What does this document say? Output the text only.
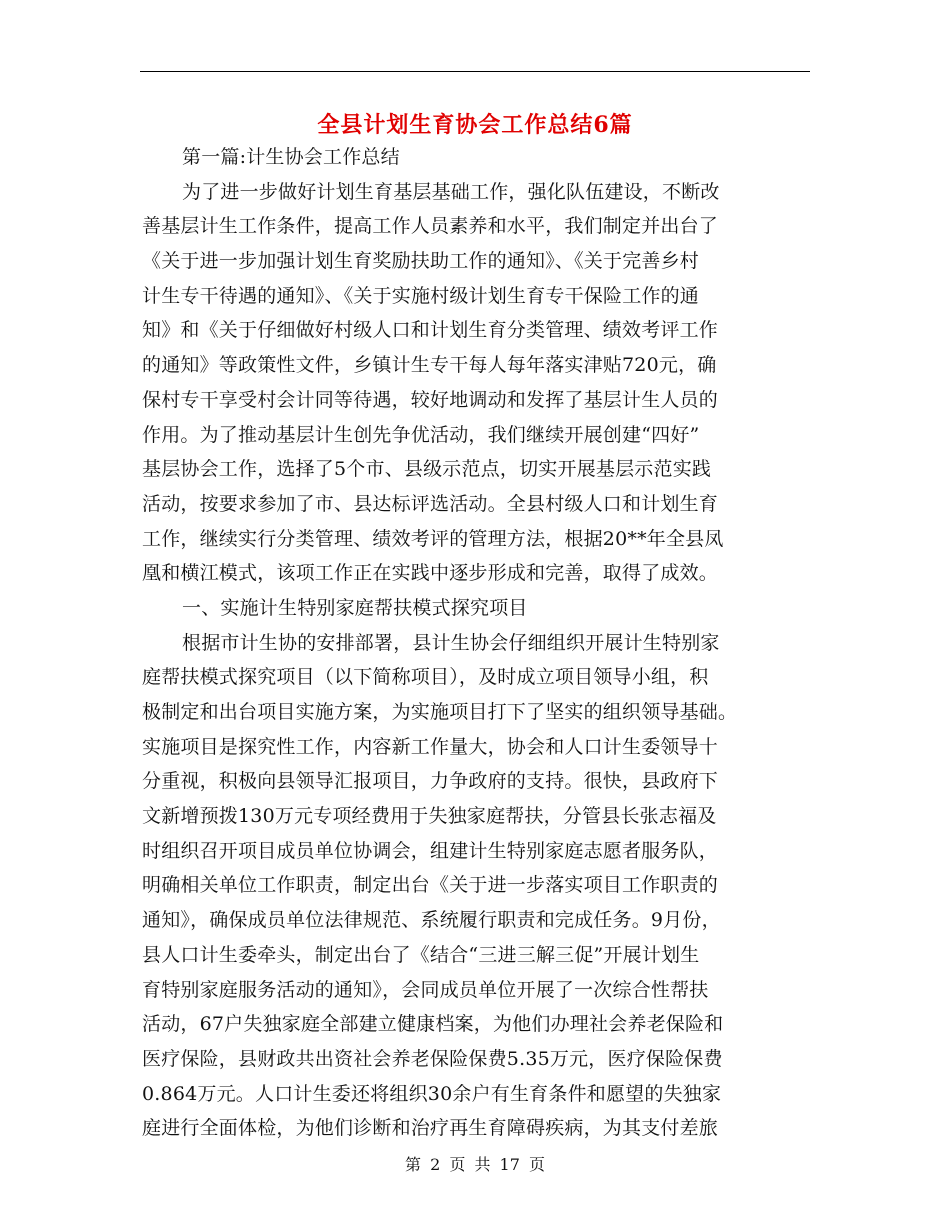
全县计划生育协会工作总结6篇
第一篇:计生协会工作总结
为了进一步做好计划生育基层基础工作，强化队伍建设，不断改
善基层计生工作条件，提高工作人员素养和水平，我们制定并出台了
《关于进一步加强计划生育奖励扶助工作的通知》、《关于完善乡村
计生专干待遇的通知》、《关于实施村级计划生育专干保险工作的通
知》和《关于仔细做好村级人口和计划生育分类管理、绩效考评工作
的通知》等政策性文件，乡镇计生专干每人每年落实津贴720元，确
保村专干享受村会计同等待遇，较好地调动和发挥了基层计生人员的
作用。为了推动基层计生创先争优活动，我们继续开展创建“四好”
基层协会工作，选择了5个市、县级示范点，切实开展基层示范实践
活动，按要求参加了市、县达标评选活动。全县村级人口和计划生育
工作，继续实行分类管理、绩效考评的管理方法，根据20**年全县凤
凰和横江模式，该项工作正在实践中逐步形成和完善，取得了成效。
一、实施计生特别家庭帮扶模式探究项目
根据市计生协的安排部署，县计生协会仔细组织开展计生特别家
庭帮扶模式探究项目（以下简称项目），及时成立项目领导小组，积
极制定和出台项目实施方案，为实施项目打下了坚实的组织领导基础。
实施项目是探究性工作，内容新工作量大，协会和人口计生委领导十
分重视，积极向县领导汇报项目，力争政府的支持。很快，县政府下
文新增预拨130万元专项经费用于失独家庭帮扶，分管县长张志福及
时组织召开项目成员单位协调会，组建计生特别家庭志愿者服务队，
明确相关单位工作职责，制定出台《关于进一步落实项目工作职责的
通知》，确保成员单位法律规范、系统履行职责和完成任务。9月份，
县人口计生委牵头，制定出台了《结合“三进三解三促”开展计划生
育特别家庭服务活动的通知》，会同成员单位开展了一次综合性帮扶
活动，67户失独家庭全部建立健康档案，为他们办理社会养老保险和
医疗保险，县财政共出资社会养老保险保费5.35万元，医疗保险保费
0.864万元。人口计生委还将组织30余户有生育条件和愿望的失独家
庭进行全面体检，为他们诊断和治疗再生育障碍疾病，为其支付差旅
第 2 页 共 17 页
